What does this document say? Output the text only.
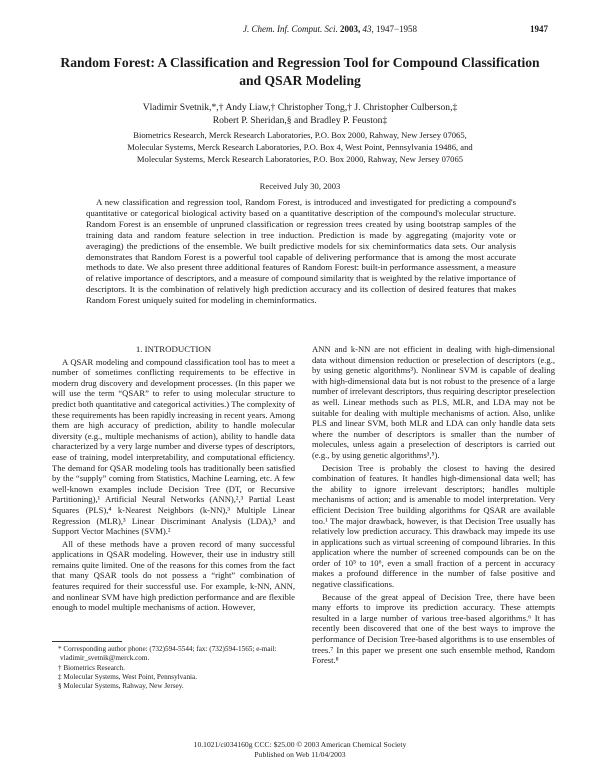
J. Chem. Inf. Comput. Sci. 2003, 43, 1947−1958	1947
Random Forest: A Classification and Regression Tool for Compound Classification and QSAR Modeling
Vladimir Svetnik,*,† Andy Liaw,† Christopher Tong,† J. Christopher Culberson,‡
Robert P. Sheridan,§ and Bradley P. Feuston‡
Biometrics Research, Merck Research Laboratories, P.O. Box 2000, Rahway, New Jersey 07065,
Molecular Systems, Merck Research Laboratories, P.O. Box 4, West Point, Pennsylvania 19486, and
Molecular Systems, Merck Research Laboratories, P.O. Box 2000, Rahway, New Jersey 07065
Received July 30, 2003

A new classification and regression tool, Random Forest, is introduced and investigated for predicting a compound's quantitative or categorical biological activity based on a quantitative description of the compound's molecular structure. Random Forest is an ensemble of unpruned classification or regression trees created by using bootstrap samples of the training data and random feature selection in tree induction. Prediction is made by aggregating (majority vote or averaging) the predictions of the ensemble. We built predictive models for six cheminformatics data sets. Our analysis demonstrates that Random Forest is a powerful tool capable of delivering performance that is among the most accurate methods to date. We also present three additional features of Random Forest: built-in performance assessment, a measure of relative importance of descriptors, and a measure of compound similarity that is weighted by the relative importance of descriptors. It is the combination of relatively high prediction accuracy and its collection of desired features that makes Random Forest uniquely suited for modeling in cheminformatics.

1. INTRODUCTION

A QSAR modeling and compound classification tool has to meet a number of sometimes conflicting requirements to be effective in modern drug discovery and development processes. (In this paper we will use the term “QSAR” to refer to using molecular structure to predict both quantitative and categorical activities.) The complexity of these requirements has been rapidly increasing in recent years. Among them are high accuracy of prediction, ability to handle molecular diversity (e.g., multiple mechanisms of action), ability to handle data characterized by a very large number and diverse types of descriptors, ease of training, model interpretability, and computational efficiency. The demand for QSAR modeling tools has traditionally been satisfied by the “supply” coming from Statistics, Machine Learning, etc. A few well-known examples include Decision Tree (DT, or Recursive Partitioning),¹ Artificial Neural Networks (ANN),²,³ Partial Least Squares (PLS),⁴ k-Nearest Neighbors (k-NN),³ Multiple Linear Regression (MLR),³ Linear Discriminant Analysis (LDA),⁵ and Support Vector Machines (SVM).²

All of these methods have a proven record of many successful applications in QSAR modeling. However, their use in industry still remains quite limited. One of the reasons for this comes from the fact that many QSAR tools do not possess a “right” combination of features required for their successful use. For example, k-NN, ANN, and nonlinear SVM have high prediction performance and are flexible enough to model multiple mechanisms of action. However,

* Corresponding author phone: (732)594-5544; fax: (732)594-1565; e-mail: vladimir_svetnik@merck.com.
† Biometrics Research.
‡ Molecular Systems, West Point, Pennsylvania.
§ Molecular Systems, Rahway, New Jersey.

ANN and k-NN are not efficient in dealing with high-dimensional data without dimension reduction or preselection of descriptors (e.g., by using genetic algorithms³). Nonlinear SVM is capable of dealing with high-dimensional data but is not robust to the presence of a large number of irrelevant descriptors, thus requiring descriptor preselection as well. Linear methods such as PLS, MLR, and LDA may not be suitable for dealing with multiple mechanisms of action. Also, unlike PLS and linear SVM, both MLR and LDA can only handle data sets where the number of descriptors is smaller than the number of molecules, unless again a preselection of descriptors is carried out (e.g., by using genetic algorithms³,⁵).

Decision Tree is probably the closest to having the desired combination of features. It handles high-dimensional data well; has the ability to ignore irrelevant descriptors; handles multiple mechanisms of action; and is amenable to model interpretation. Very efficient Decision Tree building algorithms for QSAR are available too.¹ The major drawback, however, is that Decision Tree usually has relatively low prediction accuracy. This drawback may impede its use in applications such as virtual screening of compound libraries. In this application where the number of screened compounds can be on the order of 10⁵ to 10⁶, even a small fraction of a percent in accuracy makes a profound difference in the number of false positive and negative classifications.

Because of the great appeal of Decision Tree, there have been many efforts to improve its prediction accuracy. These attempts resulted in a large number of various tree-based algorithms.⁶ It has recently been discovered that one of the best ways to improve the performance of Decision Tree-based algorithms is to use ensembles of trees.⁷ In this paper we present one such ensemble method, Random Forest.⁸

10.1021/ci034160g CCC: $25.00 © 2003 American Chemical Society
Published on Web 11/04/2003
